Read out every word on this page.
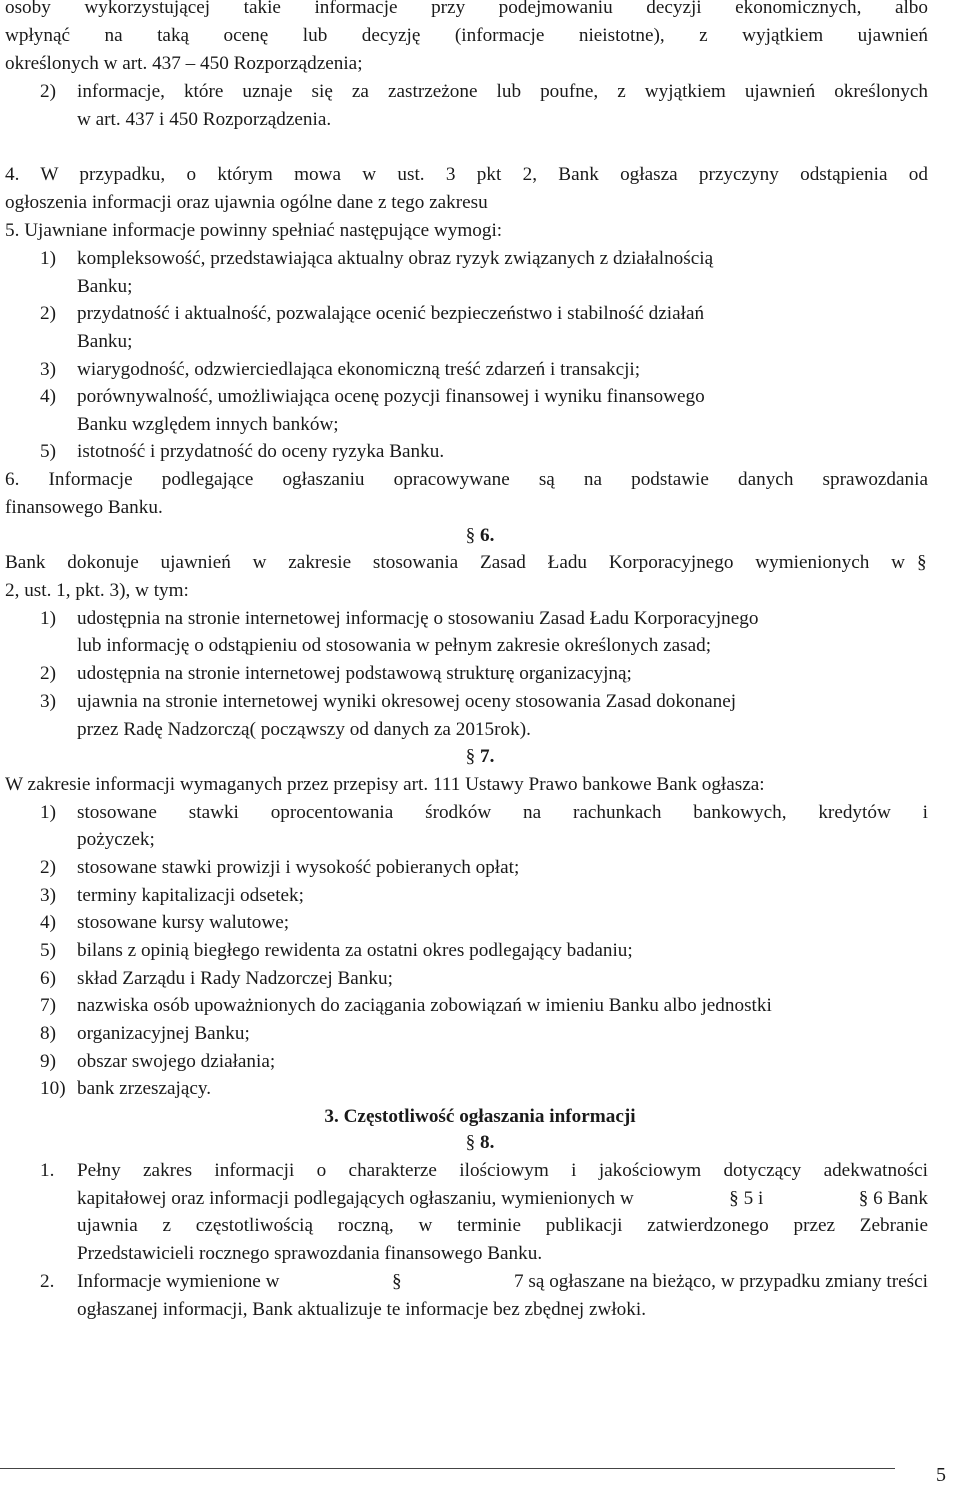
osoby wykorzystującej takie informacje przy podejmowaniu decyzji ekonomicznych, albo
wpłynąć na taką ocenę lub decyzję (informacje nieistotne), z wyjątkiem ujawnień
określonych w art. 437 – 450 Rozporządzenia;
2)	informacje, które uznaje się za zastrzeżone lub poufne, z wyjątkiem ujawnień określonych
w art. 437 i 450 Rozporządzenia.
4. W przypadku, o którym mowa w ust. 3 pkt 2, Bank ogłasza przyczyny odstąpienia od
ogłoszenia informacji oraz ujawnia ogólne dane z tego zakresu
5. Ujawniane informacje powinny spełniać następujące wymogi:
1)	kompleksowość, przedstawiająca aktualny obraz ryzyk związanych z działalnością
Banku;
2)	przydatność i aktualność, pozwalające ocenić bezpieczeństwo i stabilność działań
Banku;
3)	wiarygodność, odzwierciedlająca ekonomiczną treść zdarzeń i transakcji;
4)	porównywalność, umożliwiająca ocenę pozycji finansowej i wyniku finansowego
Banku względem innych banków;
5)	istotność i przydatność do oceny ryzyka Banku.
6. Informacje podlegające ogłaszaniu opracowywane są na podstawie danych sprawozdania
finansowego Banku.
§ 6.
Bank dokonuje ujawnień w zakresie stosowania Zasad Ładu Korporacyjnego wymienionych w §
2, ust. 1, pkt. 3), w tym:
1)	udostępnia na stronie internetowej informację o stosowaniu Zasad Ładu Korporacyjnego
lub informację o odstąpieniu od stosowania w pełnym zakresie określonych zasad;
2)	udostępnia na stronie internetowej podstawową strukturę organizacyjną;
3)	ujawnia na stronie internetowej wyniki okresowej oceny stosowania Zasad dokonanej
przez Radę Nadzorczą( począwszy od danych za 2015rok).
§ 7.
W zakresie informacji wymaganych przez przepisy art. 111 Ustawy Prawo bankowe Bank ogłasza:
1)	stosowane stawki oprocentowania środków na rachunkach bankowych, kredytów i
pożyczek;
2)	stosowane stawki prowizji i wysokość pobieranych opłat;
3)	terminy kapitalizacji odsetek;
4)	stosowane kursy walutowe;
5)	bilans z opinią biegłego rewidenta za ostatni okres podlegający badaniu;
6)	skład Zarządu i Rady Nadzorczej Banku;
7)	nazwiska osób upoważnionych do zaciągania zobowiązań w imieniu Banku albo jednostki
8)	organizacyjnej Banku;
9)	obszar swojego działania;
10) bank zrzeszający.
3. Częstotliwość ogłaszania informacji
§ 8.
1.	Pełny zakres informacji o charakterze ilościowym i jakościowym dotyczący adekwatności
kapitałowej oraz informacji podlegających ogłaszaniu, wymienionych w	§ 5 i	§ 6 Bank
ujawnia z częstotliwością roczną, w terminie publikacji zatwierdzonego przez Zebranie
Przedstawicieli rocznego sprawozdania finansowego Banku.
2.	Informacje wymienione w	§	7 są ogłaszane na bieżąco, w przypadku zmiany treści
ogłaszanej informacji, Bank aktualizuje te informacje bez zbędnej zwłoki.
5
